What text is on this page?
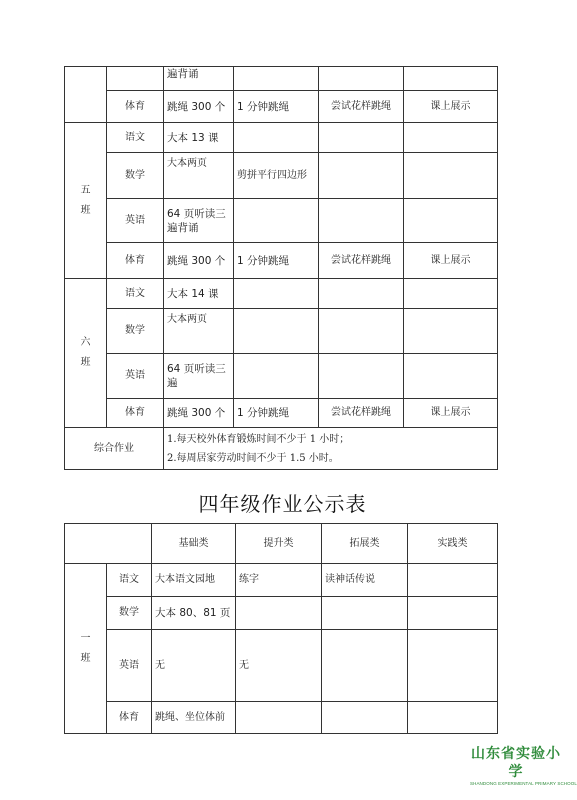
		遍背诵			
	体育	跳绳 300 个	1 分钟跳绳	尝试花样跳绳	课上展示

五
班	语文	大本 13 课			
	数学	大本两页	剪拼平行四边形		
	英语	64 页听读三遍背诵			
	体育	跳绳 300 个	1 分钟跳绳	尝试花样跳绳	课上展示

六
班	语文	大本 14 课			
	数学	大本两页			
	英语	64 页听读三遍			
	体育	跳绳 300 个	1 分钟跳绳	尝试花样跳绳	课上展示
综合作业		1.每天校外体育锻炼时间不少于 1 小时；
2.每周居家劳动时间不少于 1.5 小时。			
四年级作业公示表
		基础类	提升类	拓展类	实践类

一
班	语文	大本语文园地	练字	读神话传说	
	数学	大本 80、81 页			
	英语	无	无		
	体育	跳绳、坐位体前			
山东省实验小学
SHANDONG EXPERIMENTAL PRIMARY SCHOOL
